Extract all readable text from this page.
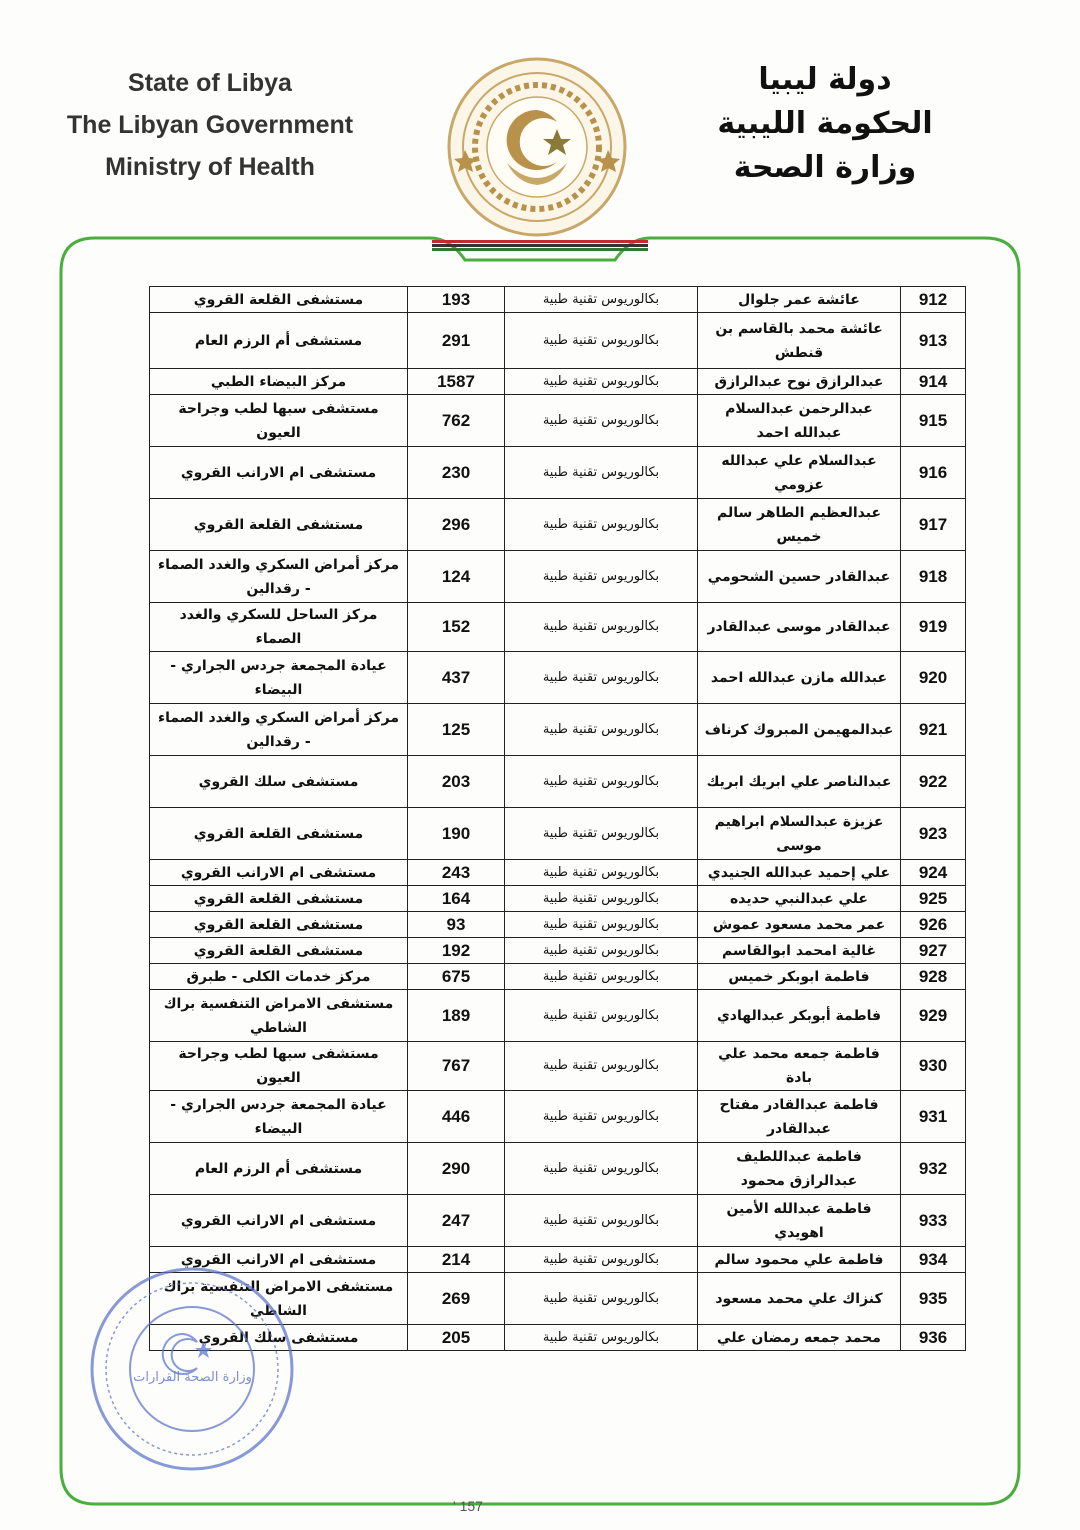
State of Libya
The Libyan Government
Ministry of Health
دولة ليبيا
الحكومة الليبية
وزارة الصحة
912	عائشة عمر جلوال	بكالوريوس تقنية طبية	193	مستشفى القلعة القروي
913	عائشة محمد بالقاسم بن قنطش	بكالوريوس تقنية طبية	291	مستشفى أم الرزم العام
914	عبدالرازق نوح عبدالرازق	بكالوريوس تقنية طبية	1587	مركز البيضاء الطبي
915	عبدالرحمن عبدالسلام عبدالله احمد	بكالوريوس تقنية طبية	762	مستشفى سبها لطب وجراحة العيون
916	عبدالسلام علي عبدالله عزومي	بكالوريوس تقنية طبية	230	مستشفى ام الارانب القروي
917	عبدالعظيم الطاهر سالم خميس	بكالوريوس تقنية طبية	296	مستشفى القلعة القروي
918	عبدالقادر حسين الشحومي	بكالوريوس تقنية طبية	124	مركز أمراض السكري والغدد الصماء - رقدالين
919	عبدالقادر موسى عبدالقادر	بكالوريوس تقنية طبية	152	مركز الساحل للسكري والغدد الصماء
920	عبدالله مازن عبدالله احمد	بكالوريوس تقنية طبية	437	عيادة المجمعة جردس الجراري - البيضاء
921	عبدالمهيمن المبروك كرناف	بكالوريوس تقنية طبية	125	مركز أمراض السكري والغدد الصماء - رقدالين
922	عبدالناصر علي ابريك ابريك	بكالوريوس تقنية طبية	203	مستشفى سلك القروي
923	عزيزة عبدالسلام ابراهيم موسى	بكالوريوس تقنية طبية	190	مستشفى القلعة القروي
924	علي إحميد عبدالله الجنيدي	بكالوريوس تقنية طبية	243	مستشفى ام الارانب القروي
925	علي عبدالنبي حديده	بكالوريوس تقنية طبية	164	مستشفى القلعة القروي
926	عمر محمد مسعود عموش	بكالوريوس تقنية طبية	93	مستشفى القلعة القروي
927	غالية امحمد ابوالقاسم	بكالوريوس تقنية طبية	192	مستشفى القلعة القروي
928	فاطمة ابوبكر خميس	بكالوريوس تقنية طبية	675	مركز خدمات الكلى - طبرق
929	فاطمة أبوبكر عبدالهادي	بكالوريوس تقنية طبية	189	مستشفى الامراض التنفسية براك الشاطي
930	فاطمة جمعه محمد علي بادة	بكالوريوس تقنية طبية	767	مستشفى سبها لطب وجراحة العيون
931	فاطمة عبدالقادر مفتاح عبدالقادر	بكالوريوس تقنية طبية	446	عيادة المجمعة جردس الجراري - البيضاء
932	فاطمة عبداللطيف عبدالرازق محمود	بكالوريوس تقنية طبية	290	مستشفى أم الرزم العام
933	فاطمة عبدالله الأمين اهويدي	بكالوريوس تقنية طبية	247	مستشفى ام الارانب القروي
934	فاطمة علي محمود سالم	بكالوريوس تقنية طبية	214	مستشفى ام الارانب القروي
935	كنزاك علي محمد مسعود	بكالوريوس تقنية طبية	269	مستشفى الامراض التنفسية براك الشاطي
936	محمد جمعه رمضان علي	بكالوريوس تقنية طبية	205	مستشفى سلك القروي
وزارة الصحة القرارات
' 157
